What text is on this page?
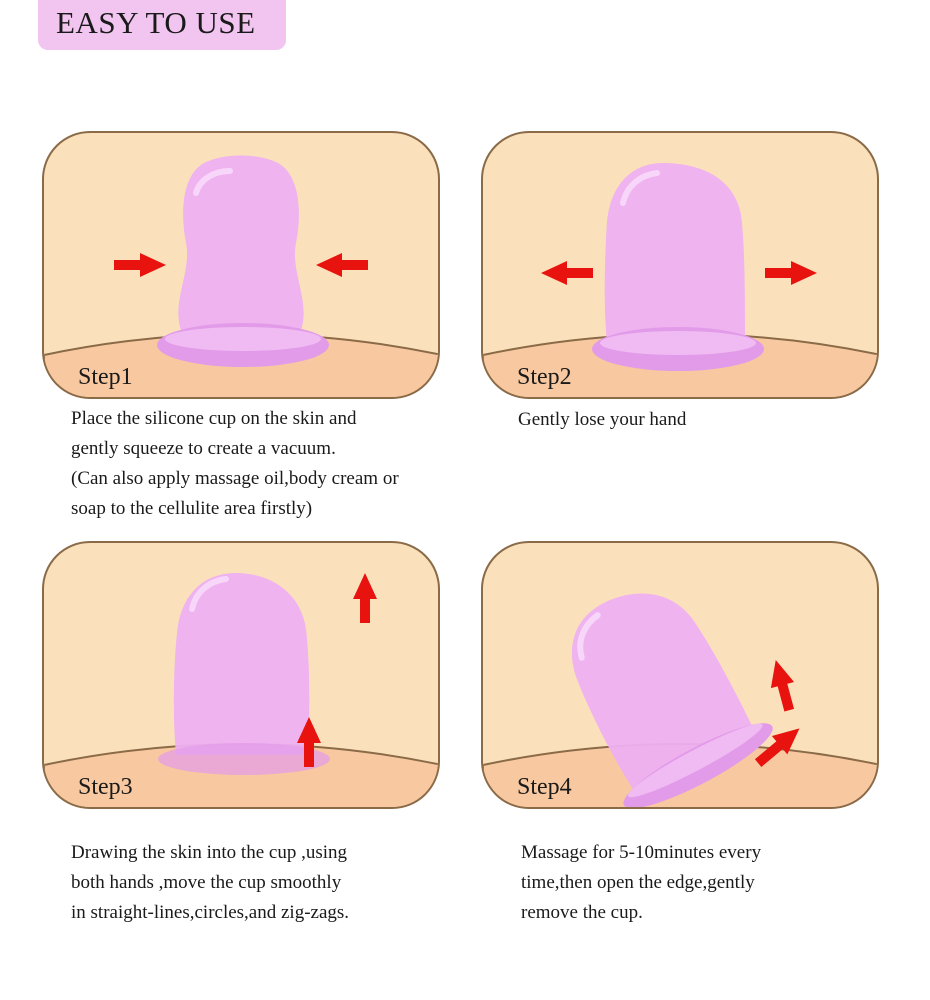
EASY TO USE
Step1
Place the silicone cup on the skin and
gently squeeze to create a vacuum.
(Can also apply massage oil,body cream or
soap to the cellulite area firstly)
Step2
Gently lose your hand
Step3
Drawing the skin into the cup ,using
both hands ,move the cup smoothly
in straight-lines,circles,and zig-zags.
Step4
Massage for 5-10minutes every
time,then open the edge,gently
remove the cup.
